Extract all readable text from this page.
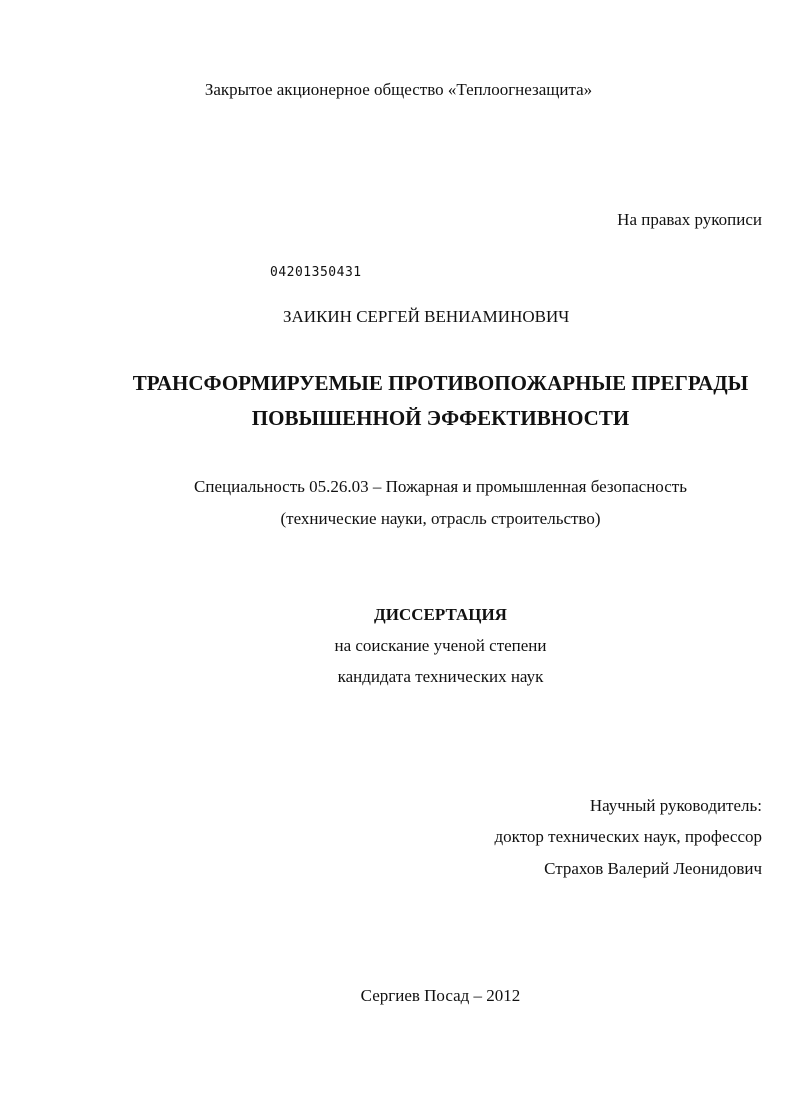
Закрытое акционерное общество «Теплоогнезащита»
На правах рукописи
04201350431
ЗАИКИН СЕРГЕЙ ВЕНИАМИНОВИЧ
ТРАНСФОРМИРУЕМЫЕ ПРОТИВОПОЖАРНЫЕ ПРЕГРАДЫ
ПОВЫШЕННОЙ ЭФФЕКТИВНОСТИ
Специальность 05.26.03 – Пожарная и промышленная безопасность
(технические науки, отрасль строительство)
ДИССЕРТАЦИЯ
на соискание ученой степени
кандидата технических наук
Научный руководитель:
доктор технических наук, профессор
Страхов Валерий Леонидович
Сергиев Посад – 2012
